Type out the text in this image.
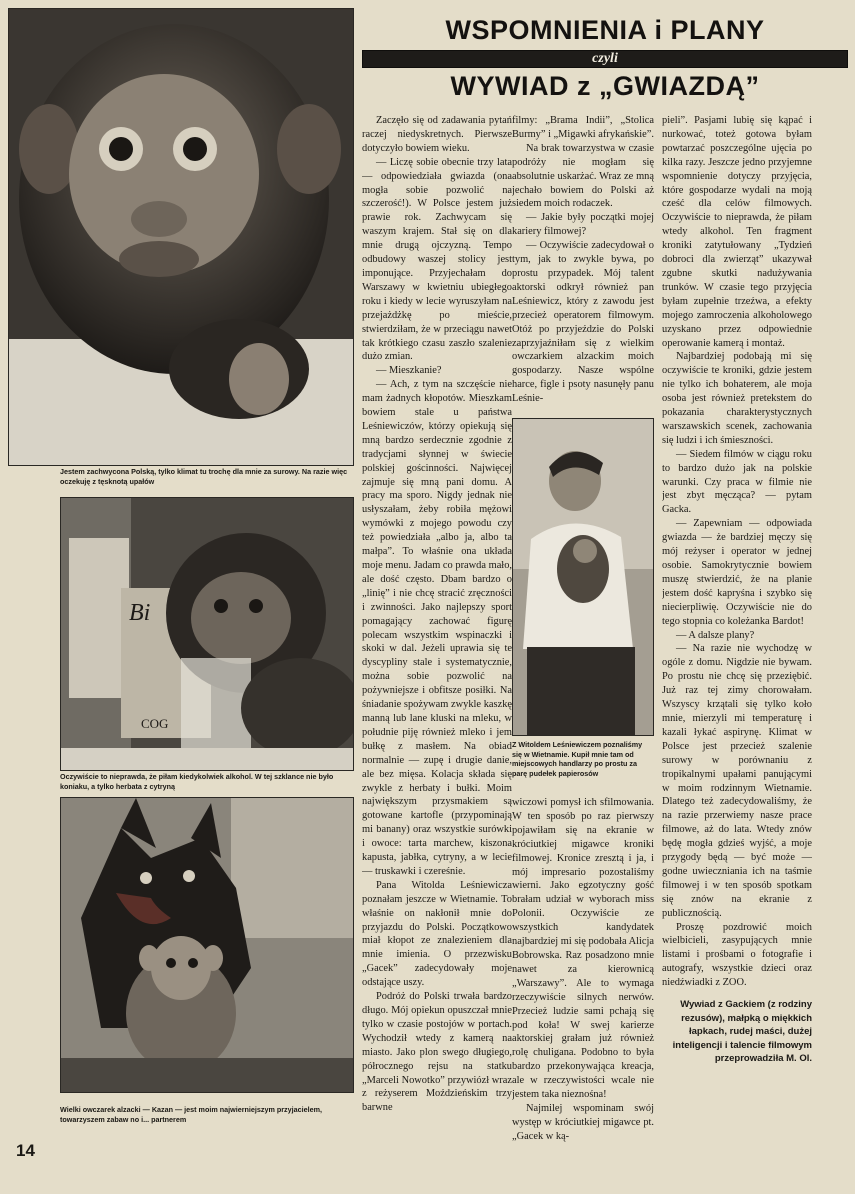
Jestem zachwycona Polską, tylko klimat tu trochę dla mnie za surowy. Na razie więc oczekuję z tęsknotą upałów

Bi
COG

Oczywiście to nieprawda, że piłam kiedykolwiek alkohol. W tej szklance nie było koniaku, a tylko herbata z cytryną

Wielki owczarek alzacki — Kazan — jest moim najwierniejszym przyjacielem, towarzyszem zabaw no i... partnerem

14

WSPOMNIENIA i PLANY
czyli
WYWIAD z „GWIAZDĄ”

Zaczęło się od zadawania pytań raczej niedyskretnych. Pierwsze dotyczyło bowiem wieku.

— Liczę sobie obecnie trzy lata — odpowiedziała gwiazda (ona mogła sobie pozwolić na szczerość!). W Polsce jestem już prawie rok. Zachwycam się waszym krajem. Stał się on dla mnie drugą ojczyzną. Tempo odbudowy waszej stolicy jest imponujące. Przyjechałam do Warszawy w kwietniu ubiegłego roku i kiedy w lecie wyruszyłam na przejażdżkę po mieście, stwierdziłam, że w przeciągu nawet tak krótkiego czasu zaszło szalenie dużo zmian.

— Mieszkanie?

— Ach, z tym na szczęście nie mam żadnych kłopotów. Mieszkam bowiem stale u państwa Leśniewiczów, którzy opiekują się mną bardzo serdecznie zgodnie z tradycjami słynnej w świecie polskiej gościnności. Najwięcej zajmuje się mną pani domu. A pracy ma sporo. Nigdy jednak nie usłyszałam, żeby robiła mężowi wymówki z mojego powodu czy też powiedziała „albo ja, albo ta małpa”. To właśnie ona układa moje menu. Jadam co prawda mało, ale dość często. Dbam bardzo o „linię” i nie chcę stracić zręczności i zwinności. Jako najlepszy sport pomagający zachować figurę polecam wszystkim wspinaczki i skoki w dal. Jeżeli uprawia się te dyscypliny stale i systematycznie, można sobie pozwolić na pożywniejsze i obfitsze posiłki. Na śniadanie spożywam zwykle kaszkę manną lub lane kluski na mleku, w południe piję również mleko i jem bułkę z masłem. Na obiad normalnie — zupę i drugie danie, ale bez mięsa. Kolacja składa się zwykle z herbaty i bułki. Moim największym przysmakiem są gotowane kartofle (przypominają mi banany) oraz wszystkie surówki i owoce: tarta marchew, kiszona kapusta, jabłka, cytryny, a w lecie — truskawki i czereśnie.

Pana Witolda Leśniewicza poznałam jeszcze w Wietnamie. To właśnie on nakłonił mnie do przyjazdu do Polski. Początkowo miał kłopot ze znalezieniem dla mnie imienia. O przezwisku „Gacek” zadecydowały moje odstające uszy.

Podróż do Polski trwała bardzo długo. Mój opiekun opuszczał mnie tylko w czasie postojów w portach. Wychodził wtedy z kamerą na miasto. Jako plon swego długiego, półrocznego rejsu na statku „Marceli Nowotko” przywiózł wraz z reżyserem Moździeńskim trzy barwne

filmy: „Brama Indii”, „Stolica Burmy” i „Migawki afrykańskie”.

Na brak towarzystwa w czasie podróży nie mogłam się absolutnie uskarżać. Wraz ze mną jechało bowiem do Polski aż siedem moich rodaczek.

— Jakie były początki mojej kariery filmowej?

— Oczywiście zadecydował o tym, jak to zwykle bywa, po prostu przypadek. Mój talent aktorski odkrył również pan Leśniewicz, który z zawodu jest przecież operatorem filmowym. Otóż po przyjeździe do Polski zaprzyjaźniłam się z wielkim owczarkiem alzackim moich gospodarzy. Nasze wspólne harce, figle i psoty nasunęły panu Leśnie-

Z Witoldem Leśniewiczem poznaliśmy się w Wietnamie. Kupił mnie tam od miejscowych handlarzy po prostu za parę pudełek papierosów

wiczowi pomysł ich sfilmowania. W ten sposób po raz pierwszy pojawiłam się na ekranie w króciutkiej migawce kroniki filmowej. Kronice zresztą i ja, i mój impresario pozostaliśmy wierni. Jako egzotyczny gość brałam udział w wyborach miss Polonii. Oczywiście ze wszystkich kandydatek najbardziej mi się podobała Alicja Bobrowska. Raz posadzono mnie nawet za kierownicą „Warszawy”. Ale to wymaga rzeczywiście silnych nerwów. Przecież ludzie sami pchają się pod koła! W swej karierze aktorskiej grałam już również rolę chuligana. Podobno to była bardzo przekonywająca kreacja, ale w rzeczywistości wcale nie jestem taka nieznośna!

Najmilej wspominam swój występ w króciutkiej migawce pt. „Gacek w ką-

pieli”. Pasjami lubię się kąpać i nurkować, toteż gotowa byłam powtarzać poszczególne ujęcia po kilka razy. Jeszcze jedno przyjemne wspomnienie dotyczy przyjęcia, które gospodarze wydali na moją cześć dla celów filmowych. Oczywiście to nieprawda, że piłam wtedy alkohol. Ten fragment kroniki zatytułowany „Tydzień dobroci dla zwierząt” ukazywał zgubne skutki nadużywania trunków. W czasie tego przyjęcia byłam zupełnie trzeźwa, a efekty mojego zamroczenia alkoholowego uzyskano przez odpowiednie operowanie kamerą i montaż.

Najbardziej podobają mi się oczywiście te kroniki, gdzie jestem nie tylko ich bohaterem, ale moja osoba jest również pretekstem do pokazania charakterystycznych warszawskich scenek, zachowania się ludzi i ich śmieszności.

— Siedem filmów w ciągu roku to bardzo dużo jak na polskie warunki. Czy praca w filmie nie jest zbyt męcząca? — pytam Gacka.

— Zapewniam — odpowiada gwiazda — że bardziej męczy się mój reżyser i operator w jednej osobie. Samokrytycznie bowiem muszę stwierdzić, że na planie jestem dość kapryśna i szybko się niecierpliwię. Oczywiście nie do tego stopnia co koleżanka Bardot!

— A dalsze plany?

— Na razie nie wychodzę w ogóle z domu. Nigdzie nie bywam. Po prostu nie chcę się przeziębić. Już raz tej zimy chorowałam. Wszyscy krzątali się tylko koło mnie, mierzyli mi temperaturę i kazali łykać aspirynę. Klimat w Polsce jest przecież szalenie surowy w porównaniu z tropikalnymi upałami panującymi w moim rodzinnym Wietnamie. Dlatego też zadecydowaliśmy, że na razie przerwiemy nasze prace filmowe, aż do lata. Wtedy znów będę mogła gdzieś wyjść, a moje przygody będą — być może — godne uwieczniania ich na taśmie filmowej i w ten sposób spotkam się znów na ekranie z publicznością.

Proszę pozdrowić moich wielbicieli, zasypujących mnie listami i prośbami o fotografie i autografy, wszystkie dzieci oraz niedźwiadki z ZOO.

Wywiad z Gackiem (z rodziny rezusów), małpką o miękkich łapkach, rudej maści, dużej inteligencji i talencie filmowym przeprowadziła M. Ol.
